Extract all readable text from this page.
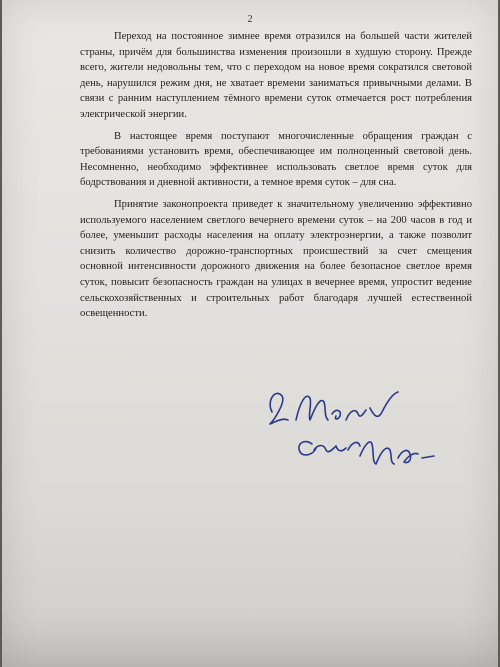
2

Переход на постоянное зимнее время отразился на большей части жителей страны, причём для большинства изменения произошли в худшую сторону. Прежде всего, жители недовольны тем, что с переходом на новое время сократился световой день, нарушился режим дня, не хватает времени заниматься привычными делами. В связи с ранним наступлением тёмного времени суток отмечается рост потребления электрической энергии.

В настоящее время поступают многочисленные обращения граждан с требованиями установить время, обеспечивающее им полноценный световой день. Несомненно, необходимо эффективнее использовать светлое время суток для бодрствования и дневной активности, а темное время суток – для сна.

Принятие законопроекта приведет к значительному увеличению эффективно используемого населением светлого вечернего времени суток – на 200 часов в год и более, уменьшит расходы населения на оплату электроэнергии, а также позволит снизить количество дорожно-транспортных происшествий за счет смещения основной интенсивности дорожного движения на более безопасное светлое время суток, повысит безопасность граждан на улицах в вечернее время, упростит ведение сельскохозяйственных и строительных работ благодаря лучшей естественной освещенности.
